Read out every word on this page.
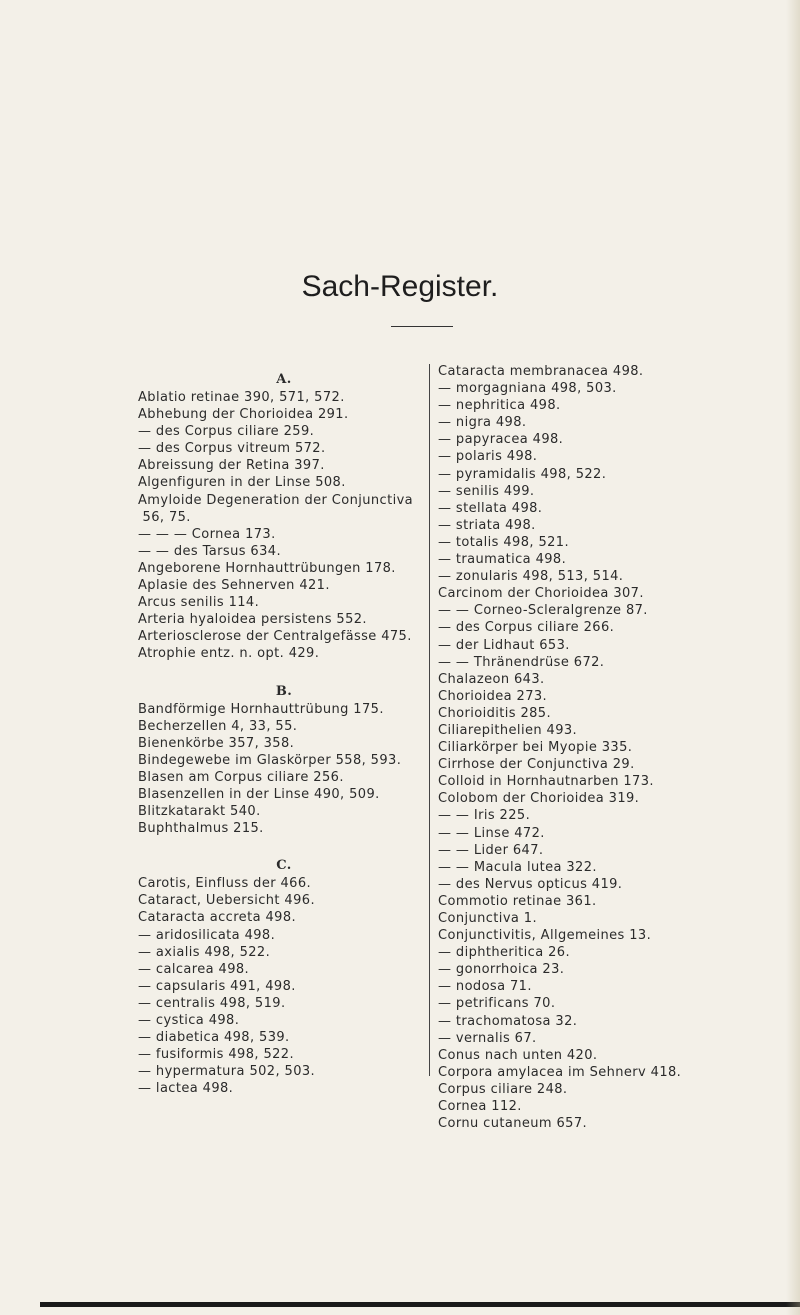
Sach-Register.
A.
Ablatio retinae 390, 571, 572.
Abhebung der Chorioidea 291.
— des Corpus ciliare 259.
— des Corpus vitreum 572.
Abreissung der Retina 397.
Algenfiguren in der Linse 508.
Amyloide Degeneration der Conjunctiva
56, 75.
— — — Cornea 173.
— — des Tarsus 634.
Angeborene Hornhauttrübungen 178.
Aplasie des Sehnerven 421.
Arcus senilis 114.
Arteria hyaloidea persistens 552.
Arteriosclerose der Centralgefässe 475.
Atrophie entz. n. opt. 429.
B.
Bandförmige Hornhauttrübung 175.
Becherzellen 4, 33, 55.
Bienenkörbe 357, 358.
Bindegewebe im Glaskörper 558, 593.
Blasen am Corpus ciliare 256.
Blasenzellen in der Linse 490, 509.
Blitzkatarakt 540.
Buphthalmus 215.
C.
Carotis, Einfluss der 466.
Cataract, Uebersicht 496.
Cataracta accreta 498.
— aridosilicata 498.
— axialis 498, 522.
— calcarea 498.
— capsularis 491, 498.
— centralis 498, 519.
— cystica 498.
— diabetica 498, 539.
— fusiformis 498, 522.
— hypermatura 502, 503.
— lactea 498.
Cataracta membranacea 498.
— morgagniana 498, 503.
— nephritica 498.
— nigra 498.
— papyracea 498.
— polaris 498.
— pyramidalis 498, 522.
— senilis 499.
— stellata 498.
— striata 498.
— totalis 498, 521.
— traumatica 498.
— zonularis 498, 513, 514.
Carcinom der Chorioidea 307.
— — Corneo-Scleralgrenze 87.
— des Corpus ciliare 266.
— der Lidhaut 653.
— — Thränendrüse 672.
Chalazeon 643.
Chorioidea 273.
Chorioiditis 285.
Ciliarepithelien 493.
Ciliarkörper bei Myopie 335.
Cirrhose der Conjunctiva 29.
Colloid in Hornhautnarben 173.
Colobom der Chorioidea 319.
— — Iris 225.
— — Linse 472.
— — Lider 647.
— — Macula lutea 322.
— des Nervus opticus 419.
Commotio retinae 361.
Conjunctiva 1.
Conjunctivitis, Allgemeines 13.
— diphtheritica 26.
— gonorrhoica 23.
— nodosa 71.
— petrificans 70.
— trachomatosa 32.
— vernalis 67.
Conus nach unten 420.
Corpora amylacea im Sehnerv 418.
Corpus ciliare 248.
Cornea 112.
Cornu cutaneum 657.
